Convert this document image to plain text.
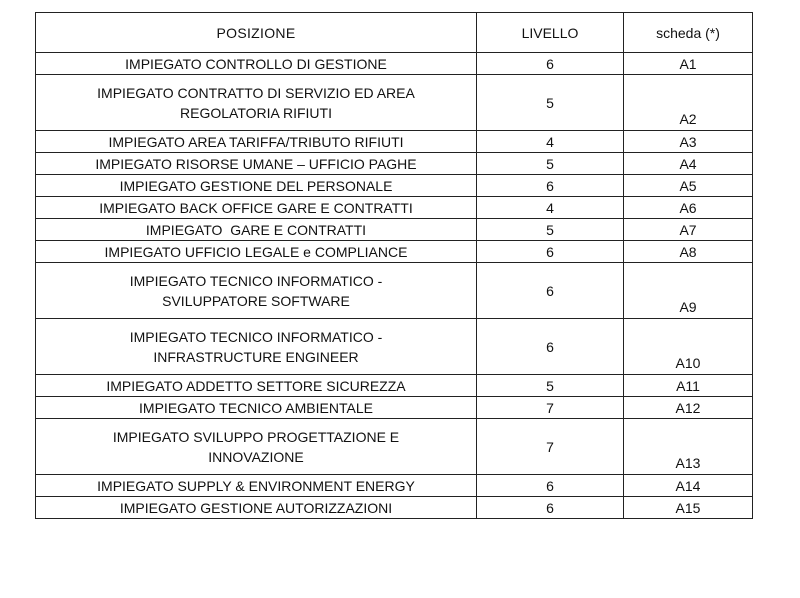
POSIZIONE	LIVELLO	scheda (*)
IMPIEGATO CONTROLLO DI GESTIONE	6	A1
IMPIEGATO CONTRATTO DI SERVIZIO ED AREA REGOLATORIA RIFIUTI	5	A2
IMPIEGATO AREA TARIFFA/TRIBUTO RIFIUTI	4	A3
IMPIEGATO RISORSE UMANE – UFFICIO PAGHE	5	A4
IMPIEGATO GESTIONE DEL PERSONALE	6	A5
IMPIEGATO BACK OFFICE GARE E CONTRATTI	4	A6
IMPIEGATO  GARE E CONTRATTI	5	A7
IMPIEGATO UFFICIO LEGALE e COMPLIANCE	6	A8
IMPIEGATO TECNICO INFORMATICO - SVILUPPATORE SOFTWARE	6	A9
IMPIEGATO TECNICO INFORMATICO - INFRASTRUCTURE ENGINEER	6	A10
IMPIEGATO ADDETTO SETTORE SICUREZZA	5	A11
IMPIEGATO TECNICO AMBIENTALE	7	A12
IMPIEGATO SVILUPPO PROGETTAZIONE E INNOVAZIONE	7	A13
IMPIEGATO SUPPLY & ENVIRONMENT ENERGY	6	A14
IMPIEGATO GESTIONE AUTORIZZAZIONI	6	A15
